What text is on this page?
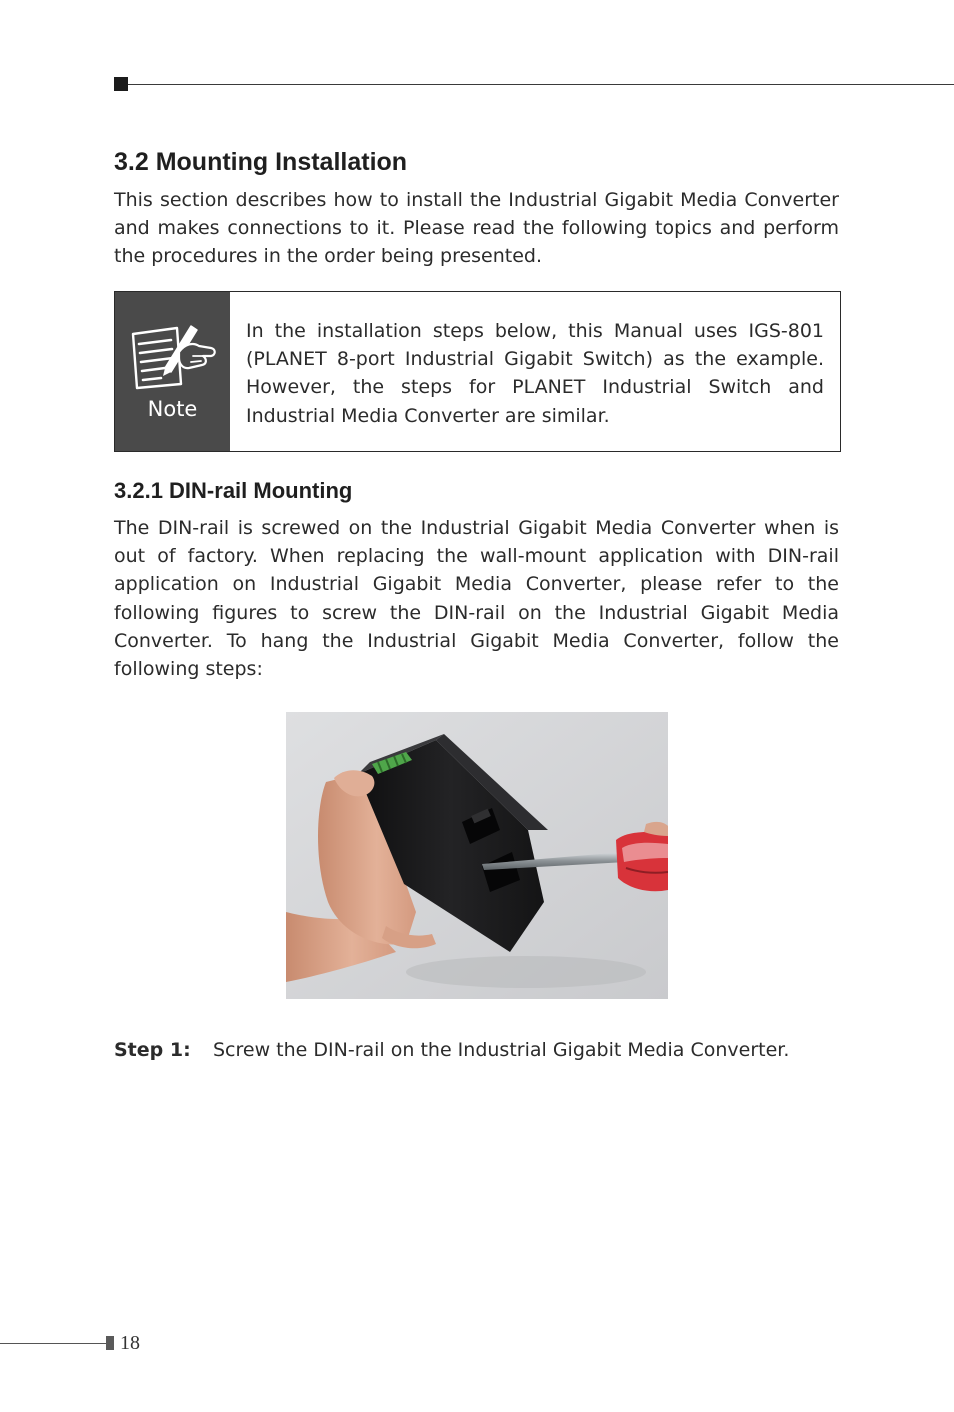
3.2 Mounting Installation

This section describes how to install the Industrial Gigabit Media Converter and makes connections to it. Please read the following topics and perform the procedures in the order being presented.

Note

In the installation steps below, this Manual uses IGS-801 (PLANET 8-port Industrial Gigabit Switch) as the example. However, the steps for PLANET Industrial Switch and Industrial Media Converter are similar.

3.2.1 DIN-rail Mounting

The DIN-rail is screwed on the Industrial Gigabit Media Converter when is out of factory. When replacing the wall-mount application with DIN-rail application on Industrial Gigabit Media Converter, please refer to the following figures to screw the DIN-rail on the Industrial Gigabit Media Converter. To hang the Industrial Gigabit Media Converter, follow the following steps:

Step 1: Screw the DIN-rail on the Industrial Gigabit Media Converter.

18
